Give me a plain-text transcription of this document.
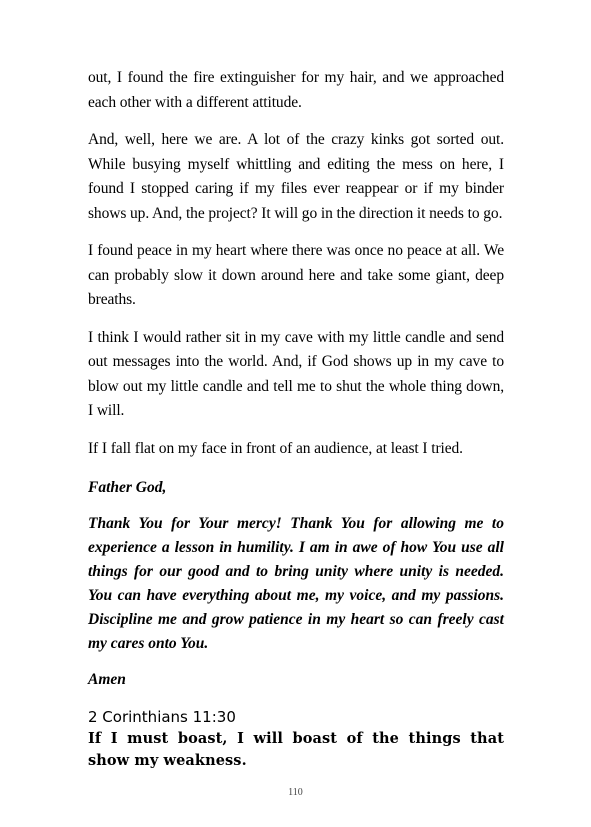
out, I found the fire extinguisher for my hair, and we approached each other with a different attitude.

And, well, here we are. A lot of the crazy kinks got sorted out. While busying myself whittling and editing the mess on here, I found I stopped caring if my files ever reappear or if my binder shows up. And, the project? It will go in the direction it needs to go.

I found peace in my heart where there was once no peace at all. We can probably slow it down around here and take some giant, deep breaths.

I think I would rather sit in my cave with my little candle and send out messages into the world. And, if God shows up in my cave to blow out my little candle and tell me to shut the whole thing down, I will.

If I fall flat on my face in front of an audience, at least I tried.

Father God,

Thank You for Your mercy! Thank You for allowing me to experience a lesson in humility. I am in awe of how You use all things for our good and to bring unity where unity is needed. You can have everything about me, my voice, and my passions. Discipline me and grow patience in my heart so can freely cast my cares onto You.

Amen

2 Corinthians 11:30

If I must boast, I will boast of the things that show my weakness.

110
